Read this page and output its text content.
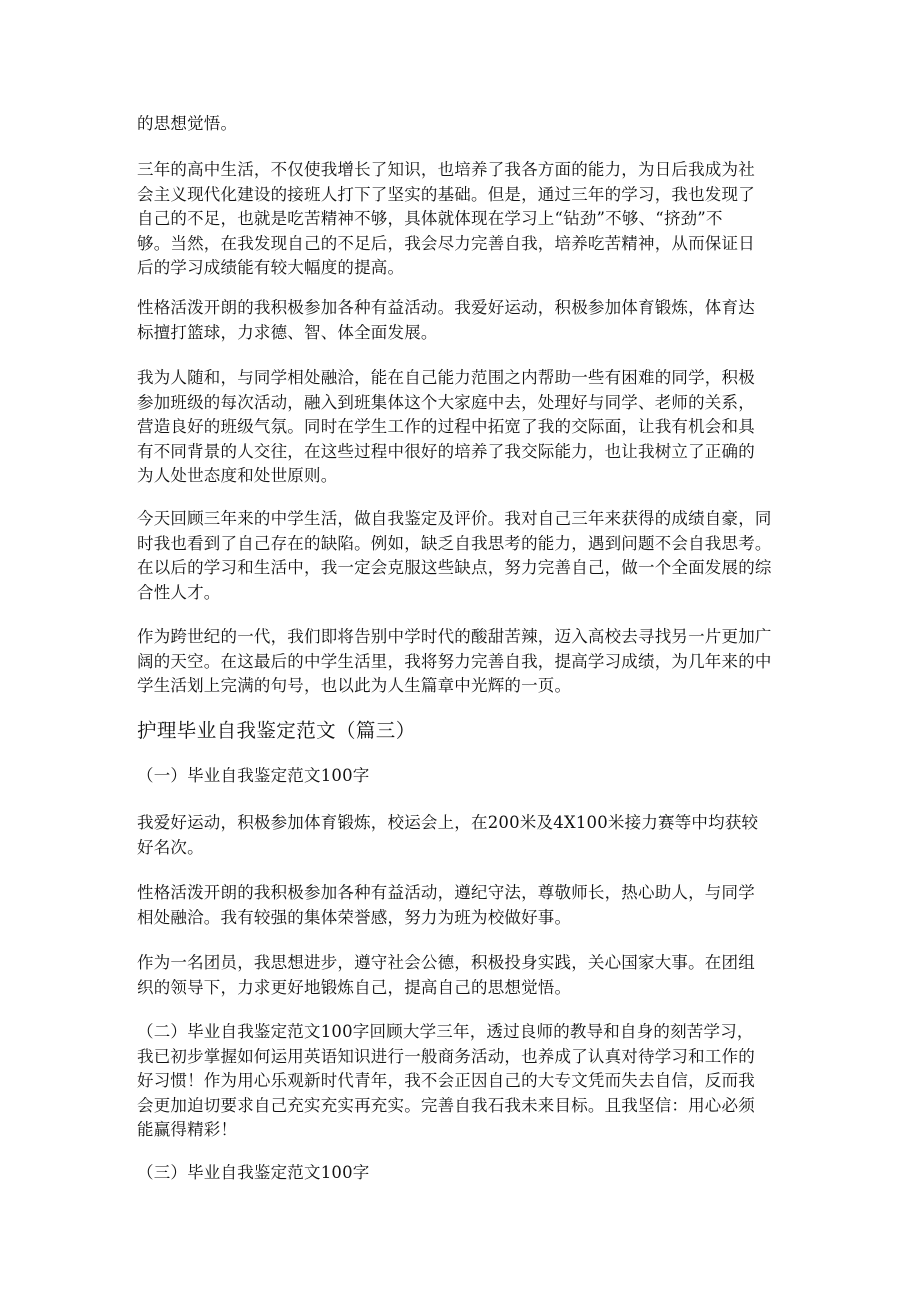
的思想觉悟。
三年的高中生活，不仅使我增长了知识，也培养了我各方面的能力，为日后我成为社
会主义现代化建设的接班人打下了坚实的基础。但是，通过三年的学习，我也发现了
自己的不足，也就是吃苦精神不够，具体就体现在学习上“钻劲”不够、“挤劲”不
够。当然，在我发现自己的不足后，我会尽力完善自我，培养吃苦精神，从而保证日
后的学习成绩能有较大幅度的提高。
性格活泼开朗的我积极参加各种有益活动。我爱好运动，积极参加体育锻炼，体育达
标擅打篮球，力求德、智、体全面发展。
我为人随和，与同学相处融洽，能在自己能力范围之内帮助一些有困难的同学，积极
参加班级的每次活动，融入到班集体这个大家庭中去，处理好与同学、老师的关系，
营造良好的班级气氛。同时在学生工作的过程中拓宽了我的交际面，让我有机会和具
有不同背景的人交往，在这些过程中很好的培养了我交际能力，也让我树立了正确的
为人处世态度和处世原则。
今天回顾三年来的中学生活，做自我鉴定及评价。我对自己三年来获得的成绩自豪，同
时我也看到了自己存在的缺陷。例如，缺乏自我思考的能力，遇到问题不会自我思考。
在以后的学习和生活中，我一定会克服这些缺点，努力完善自己，做一个全面发展的综
合性人才。
作为跨世纪的一代，我们即将告别中学时代的酸甜苦辣，迈入高校去寻找另一片更加广
阔的天空。在这最后的中学生活里，我将努力完善自我，提高学习成绩，为几年来的中
学生活划上完满的句号，也以此为人生篇章中光辉的一页。
护理毕业自我鉴定范文（篇三）
（一）毕业自我鉴定范文100字
我爱好运动，积极参加体育锻炼，校运会上，在200米及4X100米接力赛等中均获较
好名次。
性格活泼开朗的我积极参加各种有益活动，遵纪守法，尊敬师长，热心助人，与同学
相处融洽。我有较强的集体荣誉感，努力为班为校做好事。
作为一名团员，我思想进步，遵守社会公德，积极投身实践，关心国家大事。在团组
织的领导下，力求更好地锻炼自己，提高自己的思想觉悟。
（二）毕业自我鉴定范文100字回顾大学三年，透过良师的教导和自身的刻苦学习，
我已初步掌握如何运用英语知识进行一般商务活动，也养成了认真对待学习和工作的
好习惯！作为用心乐观新时代青年，我不会正因自己的大专文凭而失去自信，反而我
会更加迫切要求自己充实充实再充实。完善自我石我未来目标。且我坚信：用心必须
能赢得精彩！
（三）毕业自我鉴定范文100字
